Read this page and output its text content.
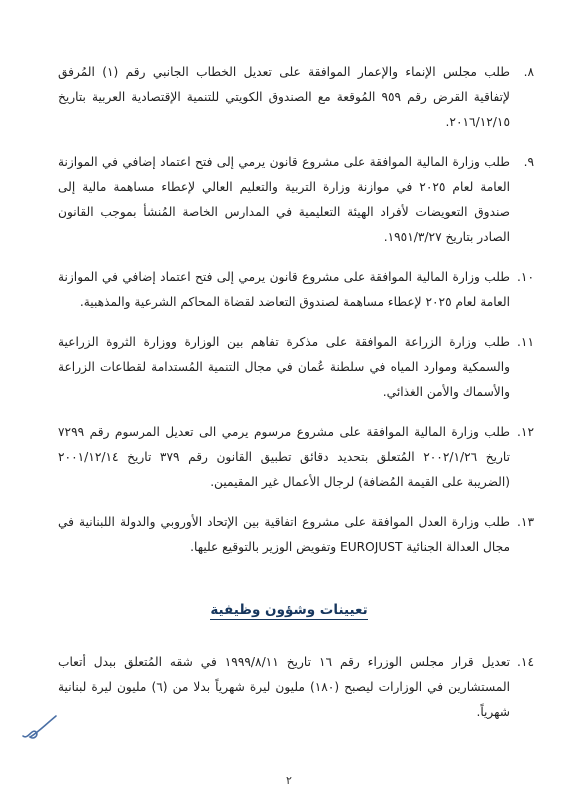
٨.
طلب مجلس الإنماء والإعمار الموافقة على تعديل الخطاب الجانبي رقم (١) المُرفق لإتفاقية القرض رقم ٩٥٩ المُوقعة مع الصندوق الكويتي للتنمية الإقتصادية العربية بتاريخ ٢٠١٦/١٢/١٥.
٩.
طلب وزارة المالية الموافقة على مشروع قانون يرمي إلى فتح اعتماد إضافي في الموازنة العامة لعام ٢٠٢٥ في موازنة وزارة التربية والتعليم العالي لإعطاء مساهمة مالية إلى صندوق التعويضات لأفراد الهيئة التعليمية في المدارس الخاصة المُنشأ بموجب القانون الصادر بتاريخ ١٩٥١/٣/٢٧.
١٠.
طلب وزارة المالية الموافقة على مشروع قانون يرمي إلى فتح اعتماد إضافي في الموازنة العامة لعام ٢٠٢٥ لإعطاء مساهمة لصندوق التعاضد لقضاة المحاكم الشرعية والمذهبية.
١١.
طلب وزارة الزراعة الموافقة على مذكرة تفاهم بين الوزارة ووزارة الثروة الزراعية والسمكية وموارد المياه في سلطنة عُمان في مجال التنمية المُستدامة لقطاعات الزراعة والأسماك والأمن الغذائي.
١٢.
طلب وزارة المالية الموافقة على مشروع مرسوم يرمي الى تعديل المرسوم رقم ٧٢٩٩ تاريخ ٢٠٠٢/١/٢٦ المُتعلق بتحديد دقائق تطبيق القانون رقم ٣٧٩ تاريخ ٢٠٠١/١٢/١٤ (الضريبة على القيمة المُضافة) لرجال الأعمال غير المقيمين.
١٣.
طلب وزارة العدل الموافقة على مشروع اتفاقية بين الإتحاد الأوروبي والدولة اللبنانية في مجال العدالة الجنائية EUROJUST وتفويض الوزير بالتوقيع عليها.
تعيينات وشؤون وظيفية
١٤.
تعديل قرار مجلس الوزراء رقم ١٦ تاريخ ١٩٩٩/٨/١١ في شقه المُتعلق ببدل أتعاب المستشارين في الوزارات ليصبح (١٨٠) مليون ليرة شهرياً بدلا من (٦) مليون ليرة لبنانية شهرياً.
٢
